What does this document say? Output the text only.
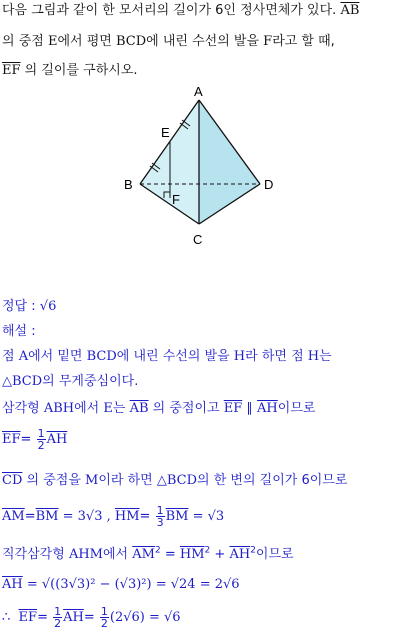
다음 그림과 같이 한 모서리의 길이가 6인 정사면체가 있다. $\overline{AB}$
의 중점 E에서 평면 BCD에 내린 수선의 발을 F라고 할 때,
$\overline{EF}$ 의 길이를 구하시오.
A
B
C
D
E
F
정답 : √6
해설 :
점 A에서 밑면 BCD에 내린 수선의 발을 H라 하면 점 H는
△BCD의 무게중심이다.
삼각형 ABH에서 E는 $\overline{AB}$ 의 중점이고 $\overline{EF}$ ∥ $\overline{AH}$이므로
$\overline{EF}= \frac{1}{2} \overline{AH}$
$\overline{CD}$ 의 중점을 M이라 하면 △BCD의 한 변의 길이가 6이므로
$\overline{AM}=\overline{BM} = 3√3$ , $\overline{HM}= \frac{1}{3} \overline{BM} = √3$
직각삼각형 AHM에서 $\overline{AM}^2 = \overline{HM}^2 + \overline{AH}^2$이므로
$\overline{AH} = √((3√3)^2 - (√3)^2) = √24 = 2√6$
∴ $\overline{EF}= \frac{1}{2} \overline{AH}= \frac{1}{2} (2√6) = √6$
